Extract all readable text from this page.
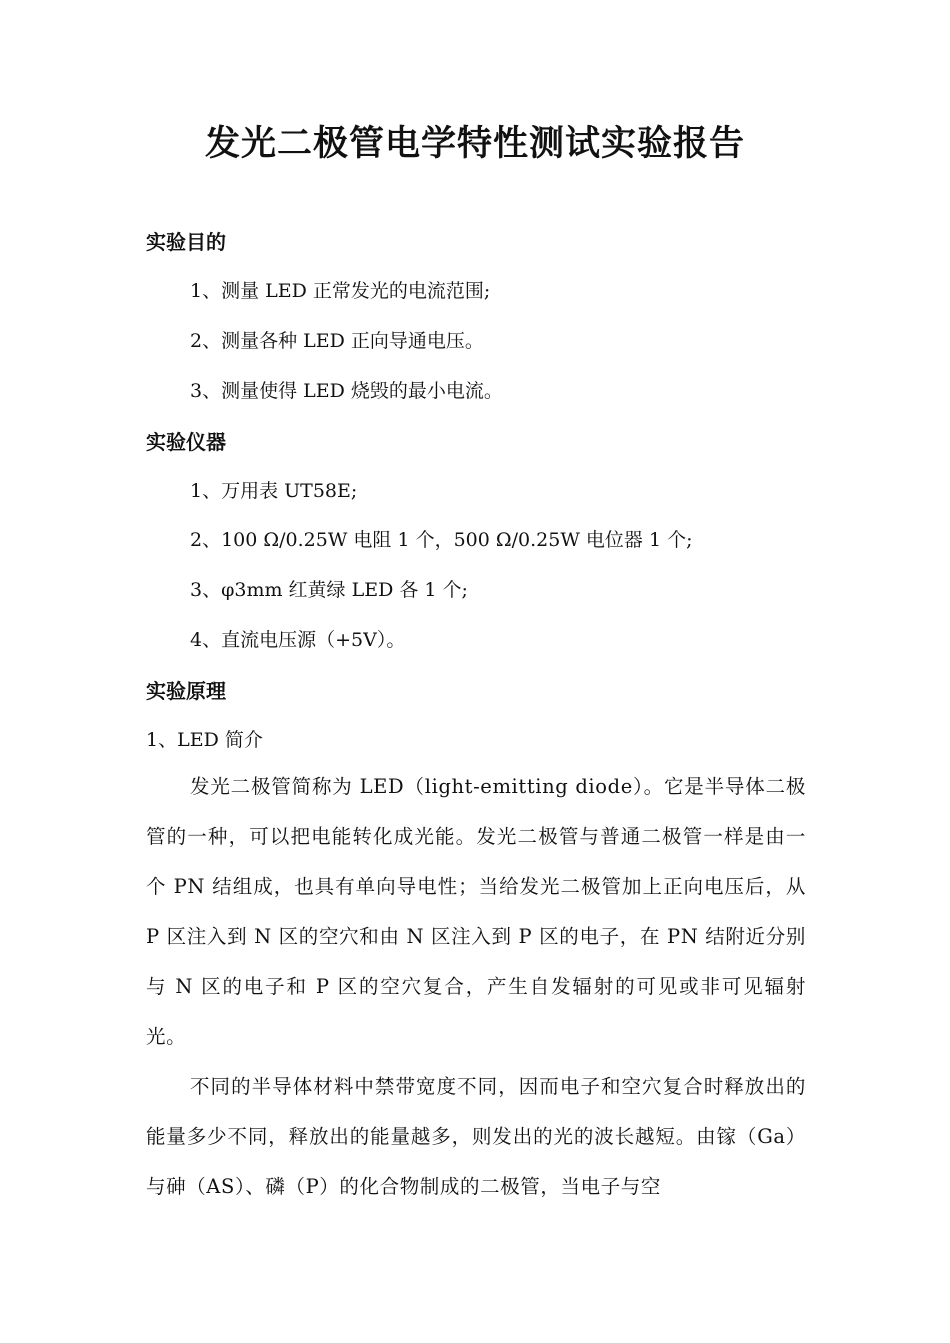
发光二极管电学特性测试实验报告
实验目的

1、测量 LED 正常发光的电流范围;

2、测量各种 LED 正向导通电压。

3、测量使得 LED 烧毁的最小电流。

实验仪器

1、万用表 UT58E;

2、100 Ω/0.25W 电阻 1 个，500 Ω/0.25W 电位器 1 个;

3、φ3mm 红黄绿 LED 各 1 个;

4、直流电压源（+5V）。

实验原理

1、LED 简介

发光二极管简称为 LED（light-emitting diode）。它是半导体二极管的一种，可以把电能转化成光能。发光二极管与普通二极管一样是由一个 PN 结组成，也具有单向导电性；当给发光二极管加上正向电压后，从 P 区注入到 N 区的空穴和由 N 区注入到 P 区的电子，在 PN 结附近分别与 N 区的电子和 P 区的空穴复合，产生自发辐射的可见或非可见辐射光。

不同的半导体材料中禁带宽度不同，因而电子和空穴复合时释放出的能量多少不同，释放出的能量越多，则发出的光的波长越短。由镓（Ga）与砷（AS）、磷（P）的化合物制成的二极管，当电子与空
